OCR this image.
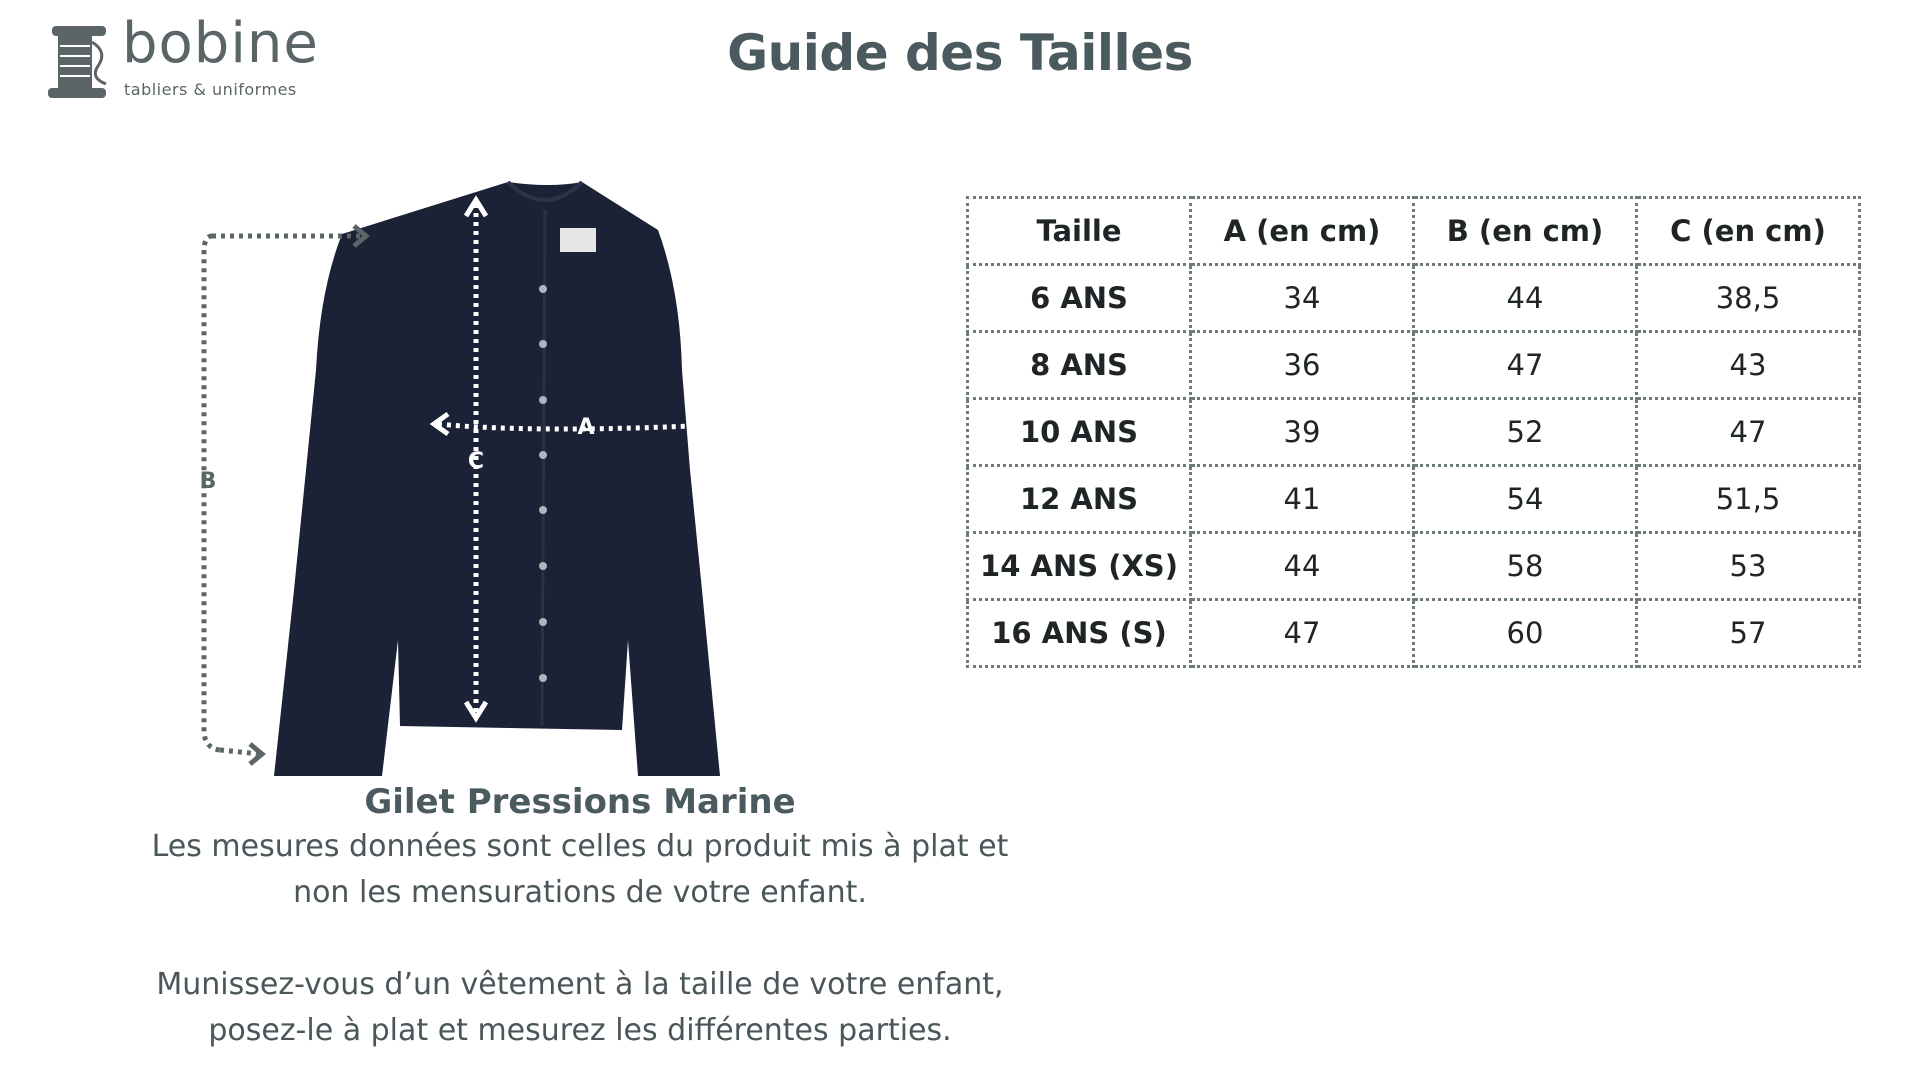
bobine
tabliers & uniformes
Guide des Tailles
A
C
B

Gilet Pressions Marine

Les mesures données sont celles du produit mis à plat et

non les mensurations de votre enfant.

Munissez-vous d’un vêtement à la taille de votre enfant,

posez-le à plat et mesurez les différentes parties.

Taille	A (en cm)	B (en cm)	C (en cm)
6 ANS	34	44	38,5
8 ANS	36	47	43
10 ANS	39	52	47
12 ANS	41	54	51,5
14 ANS (XS)	44	58	53
16 ANS (S)	47	60	57
